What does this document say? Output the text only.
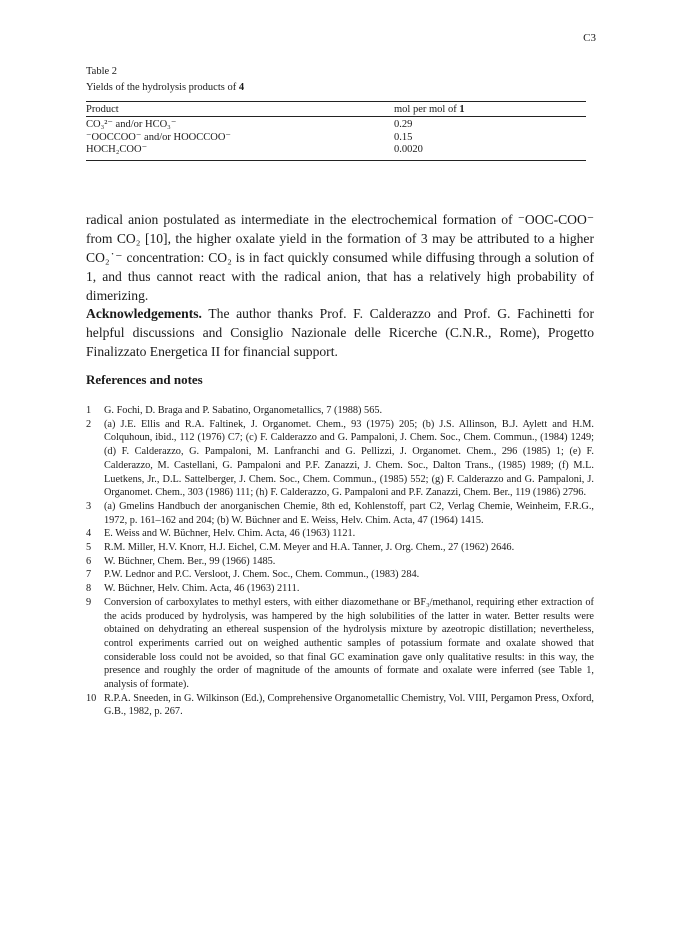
C3
Table 2
Yields of the hydrolysis products of 4
Product	mol per mol of 1
CO₃²⁻ and/or HCO₃⁻	0.29
⁻OOCCOO⁻ and/or HOOCCOO⁻	0.15
HOCH₂COO⁻	0.0020

radical anion postulated as intermediate in the electrochemical formation of ⁻OOC-COO⁻ from CO₂ [10], the higher oxalate yield in the formation of 3 may be attributed to a higher CO₂˙⁻ concentration: CO₂ is in fact quickly consumed while diffusing through a solution of 1, and thus cannot react with the radical anion, that has a relatively high probability of dimerizing.

Acknowledgements. The author thanks Prof. F. Calderazzo and Prof. G. Fachinetti for helpful discussions and Consiglio Nazionale delle Ricerche (C.N.R., Rome), Progetto Finalizzato Energetica II for financial support.

References and notes
1	G. Fochi, D. Braga and P. Sabatino, Organometallics, 7 (1988) 565.
2	(a) J.E. Ellis and R.A. Faltinek, J. Organomet. Chem., 93 (1975) 205; (b) J.S. Allinson, B.J. Aylett and H.M. Colquhoun, ibid., 112 (1976) C7; (c) F. Calderazzo and G. Pampaloni, J. Chem. Soc., Chem. Commun., (1984) 1249; (d) F. Calderazzo, G. Pampaloni, M. Lanfranchi and G. Pellizzi, J. Organomet. Chem., 296 (1985) 1; (e) F. Calderazzo, M. Castellani, G. Pampaloni and P.F. Zanazzi, J. Chem. Soc., Dalton Trans., (1985) 1989; (f) M.L. Luetkens, Jr., D.L. Sattelberger, J. Chem. Soc., Chem. Commun., (1985) 552; (g) F. Calderazzo and G. Pampaloni, J. Organomet. Chem., 303 (1986) 111; (h) F. Calderazzo, G. Pampaloni and P.F. Zanazzi, Chem. Ber., 119 (1986) 2796.
3	(a) Gmelins Handbuch der anorganischen Chemie, 8th ed, Kohlenstoff, part C2, Verlag Chemie, Weinheim, F.R.G., 1972, p. 161–162 and 204; (b) W. Büchner and E. Weiss, Helv. Chim. Acta, 47 (1964) 1415.
4	E. Weiss and W. Büchner, Helv. Chim. Acta, 46 (1963) 1121.
5	R.M. Miller, H.V. Knorr, H.J. Eichel, C.M. Meyer and H.A. Tanner, J. Org. Chem., 27 (1962) 2646.
6	W. Büchner, Chem. Ber., 99 (1966) 1485.
7	P.W. Lednor and P.C. Versloot, J. Chem. Soc., Chem. Commun., (1983) 284.
8	W. Büchner, Helv. Chim. Acta, 46 (1963) 2111.
9	Conversion of carboxylates to methyl esters, with either diazomethane or BF₃/methanol, requiring ether extraction of the acids produced by hydrolysis, was hampered by the high solubilities of the latter in water. Better results were obtained on dehydrating an ethereal suspension of the hydrolysis mixture by azeotropic distillation; nevertheless, control experiments carried out on weighed authentic samples of potassium formate and oxalate showed that considerable loss could not be avoided, so that final GC examination gave only qualitative results: in this way, the presence and roughly the order of magnitude of the amounts of formate and oxalate were inferred (see Table 1, analysis of formate).
10 R.P.A. Sneeden, in G. Wilkinson (Ed.), Comprehensive Organometallic Chemistry, Vol. VIII, Pergamon Press, Oxford, G.B., 1982, p. 267.
